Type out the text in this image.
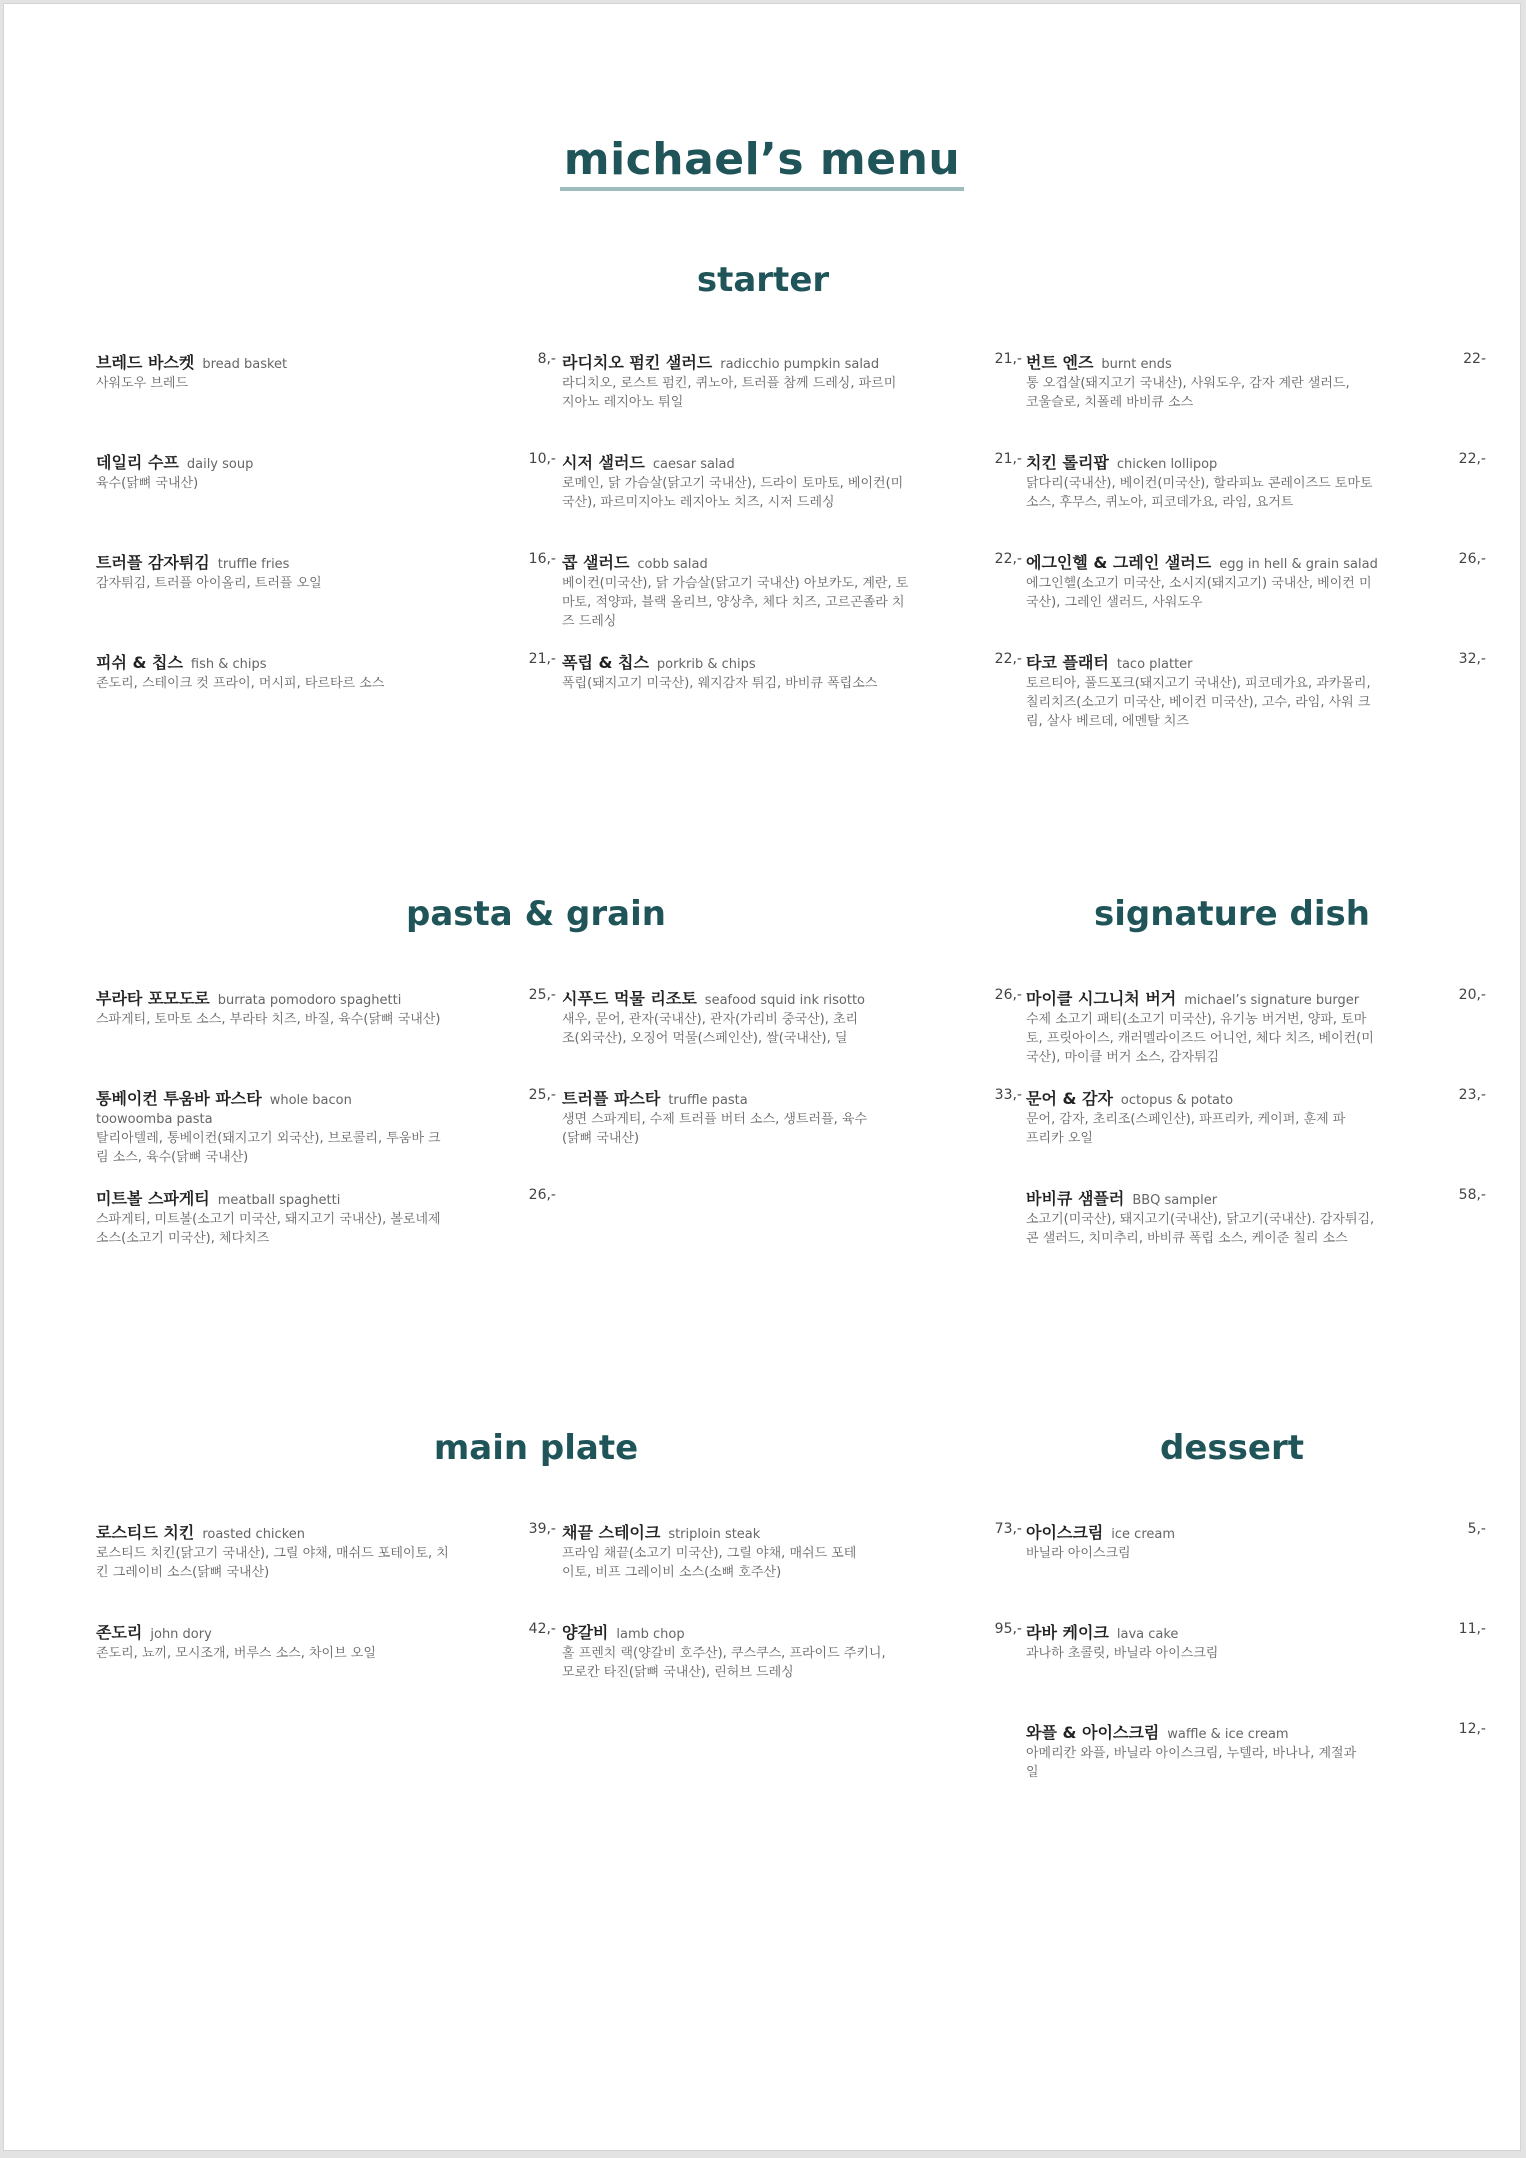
michael’s menu
starter
pasta & grain	signature dish
main plate	dessert
브레드 바스켓 bread basket	8,-
사워도우 브레드
라디치오 펌킨 샐러드 radicchio pumpkin salad	21,-
라디치오, 로스트 펌킨, 퀴노아, 트러플 참께 드레싱, 파르미지아노 레지아노 튀일
번트 엔즈 burnt ends	22-
통 오겹살(돼지고기 국내산), 사워도우, 감자 계란 샐러드, 코울슬로, 치폴레 바비큐 소스
데일리 수프 daily soup	10,-
육수(닭뼈 국내산)
시저 샐러드 caesar salad	21,-
로메인, 닭 가슴살(닭고기 국내산), 드라이 토마토, 베이컨(미국산), 파르미지아노 레지아노 치즈, 시저 드레싱
치킨 롤리팝 chicken lollipop	22,-
닭다리(국내산), 베이컨(미국산), 할라피뇨 콘레이즈드 토마토 소스, 후무스, 퀴노아, 피코데가요, 라임, 요거트
트러플 감자튀김 truffle fries	16,-
감자튀김, 트러플 아이올리, 트러플 오일
콥 샐러드 cobb salad	22,-
베이컨(미국산), 닭 가슴살(닭고기 국내산) 아보카도, 계란, 토마토, 적양파, 블랙 올리브, 양상추, 체다 치즈, 고르곤졸라 치즈 드레싱
에그인헬 & 그레인 샐러드 egg in hell & grain salad	26,-
에그인헬(소고기 미국산, 소시지(돼지고기) 국내산, 베이컨 미국산), 그레인 샐러드, 사워도우
피쉬 & 칩스 fish & chips	21,-
존도리, 스테이크 컷 프라이, 머시피, 타르타르 소스
폭립 & 칩스 porkrib & chips	22,-
폭립(돼지고기 미국산), 웨지감자 튀김, 바비큐 폭립소스
타코 플래터 taco platter	32,-
토르티아, 풀드포크(돼지고기 국내산), 피코데가요, 과카몰리, 칠리치즈(소고기 미국산, 베이컨 미국산), 고수, 라임, 사워 크림, 살사 베르데, 에멘탈 치즈
부라타 포모도로 burrata pomodoro spaghetti	25,-
스파게티, 토마토 소스, 부라타 치즈, 바질, 육수(닭뼈 국내산)
시푸드 먹물 리조토 seafood squid ink risotto	26,-
새우, 문어, 관자(국내산), 관자(가리비 중국산), 초리조(외국산), 오징어 먹물(스페인산), 쌀(국내산), 딜
통베이컨 투움바 파스타 whole bacon	25,-
toowoomba pasta
탈리아텔레, 통베이컨(돼지고기 외국산), 브로콜리, 투움바 크림 소스, 육수(닭뼈 국내산)
트러플 파스타 truffle pasta	33,-
생면 스파게티, 수제 트러플 버터 소스, 생트러플, 육수(닭뼈 국내산)
미트볼 스파게티 meatball spaghetti	26,-
스파게티, 미트볼(소고기 미국산, 돼지고기 국내산), 볼로네제 소스(소고기 미국산), 체다치즈
마이클 시그니처 버거 michael’s signature burger	20,-
수제 소고기 패티(소고기 미국산), 유기농 버거번, 양파, 토마토, 프릿아이스, 캐러멜라이즈드 어니언, 체다 치즈, 베이컨(미국산), 마이클 버거 소스, 감자튀김
문어 & 감자 octopus & potato	23,-
문어, 감자, 초리조(스페인산), 파프리카, 케이퍼, 훈제 파프리카 오일
바비큐 샘플러 BBQ sampler	58,-
소고기(미국산), 돼지고기(국내산), 닭고기(국내산). 감자튀김, 콘 샐러드, 치미추리, 바비큐 폭립 소스, 케이준 칠리 소스
로스티드 치킨 roasted chicken	39,-
로스티드 치킨(닭고기 국내산), 그릴 야채, 매쉬드 포테이토, 치킨 그레이비 소스(닭뼈 국내산)
채끝 스테이크 striploin steak	73,-
프라임 채끝(소고기 미국산), 그릴 야채, 매쉬드 포테이토, 비프 그레이비 소스(소뼈 호주산)
존도리 john dory	42,-
존도리, 뇨끼, 모시조개, 버루스 소스, 차이브 오일
양갈비 lamb chop	95,-
홀 프렌치 랙(양갈비 호주산), 쿠스쿠스, 프라이드 주키니, 모로칸 타진(닭뼈 국내산), 린허브 드레싱
아이스크림 ice cream	5,-
바닐라 아이스크림
라바 케이크 lava cake	11,-
과나하 초콜릿, 바닐라 아이스크림
와플 & 아이스크림 waffle & ice cream	12,-
아메리칸 와플, 바닐라 아이스크림, 누텔라, 바나나, 계절과일
